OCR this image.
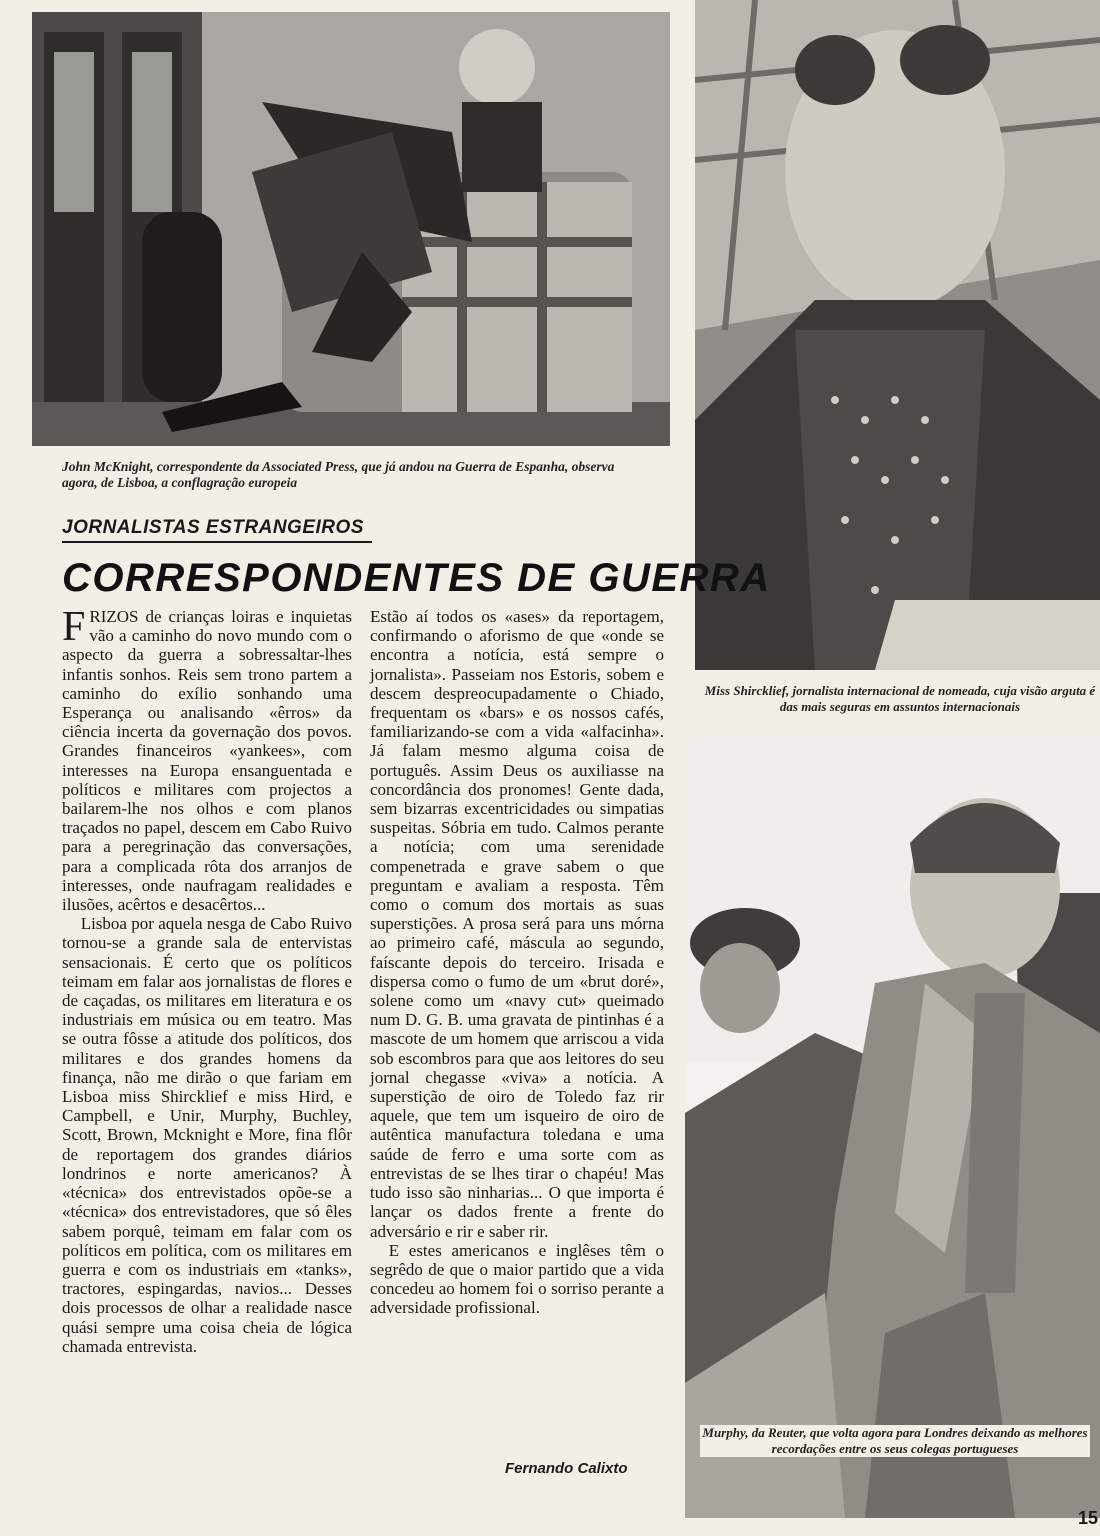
John McKnight, correspondente da Associated Press, que já andou na Guerra de Espanha, observa agora, de Lisboa, a conflagração europeia
Miss Shircklief, jornalista internacional de nomeada, cuja visão arguta é das mais seguras em assuntos internacionais
Murphy, da Reuter, que volta agora para Londres deixando as melhores recordações entre os seus colegas portugueses
JORNALISTAS ESTRANGEIROS
CORRESPONDENTES DE GUERRA

FRIZOS de crianças loiras e inquietas vão a caminho do novo mundo com o aspecto da guerra a sobressaltar-lhes infantis sonhos. Reis sem trono partem a caminho do exílio sonhando uma Esperança ou analisando «êrros» da ciência incerta da governação dos povos. Grandes financeiros «yankees», com interesses na Europa ensanguentada e políticos e militares com projectos a bailarem-lhe nos olhos e com planos traçados no papel, descem em Cabo Ruivo para a peregrinação das conversações, para a complicada rôta dos arranjos de interesses, onde naufragam realidades e ilusões, acêrtos e desacêrtos...

Lisboa por aquela nesga de Cabo Ruivo tornou-se a grande sala de entervistas sensacionais. É certo que os políticos teimam em falar aos jornalistas de flores e de caçadas, os militares em literatura e os industriais em música ou em teatro. Mas se outra fôsse a atitude dos políticos, dos militares e dos grandes homens da finança, não me dirão o que fariam em Lisboa miss Shircklief e miss Hird, e Campbell, e Unir, Murphy, Buchley, Scott, Brown, Mcknight e More, fina flôr de reportagem dos grandes diários londrinos e norte americanos? À «técnica» dos entrevistados opõe-se a «técnica» dos entrevistadores, que só êles sabem porquê, teimam em falar com os políticos em política, com os militares em guerra e com os industriais em «tanks», tractores, espingardas, navios... Desses dois processos de olhar a realidade nasce quási sempre uma coisa cheia de lógica chamada entrevista.

Estão aí todos os «ases» da reportagem, confirmando o aforismo de que «onde se encontra a notícia, está sempre o jornalista». Passeiam nos Estoris, sobem e descem despreocupadamente o Chiado, frequentam os «bars» e os nossos cafés, familiarizando-se com a vida «alfacinha». Já falam mesmo alguma coisa de português. Assim Deus os auxiliasse na concordância dos pronomes! Gente dada, sem bizarras excentricidades ou simpatias suspeitas. Sóbria em tudo. Calmos perante a notícia; com uma serenidade compenetrada e grave sabem o que preguntam e avaliam a resposta. Têm como o comum dos mortais as suas superstições. A prosa será para uns mórna ao primeiro café, máscula ao segundo, faíscante depois do terceiro. Irisada e dispersa como o fumo de um «brut doré», solene como um «navy cut» queimado num D. G. B. uma gravata de pintinhas é a mascote de um homem que arriscou a vida sob escombros para que aos leitores do seu jornal chegasse «viva» a notícia. A superstição de oiro de Toledo faz rir aquele, que tem um isqueiro de oiro de autêntica manufactura toledana e uma saúde de ferro e uma sorte com as entrevistas de se lhes tirar o chapéu! Mas tudo isso são ninharias... O que importa é lançar os dados frente a frente do adversário e rir e saber rir.

E estes americanos e inglêses têm o segrêdo de que o maior partido que a vida concedeu ao homem foi o sorriso perante a adversidade profissional.

Fernando Calixto
15
